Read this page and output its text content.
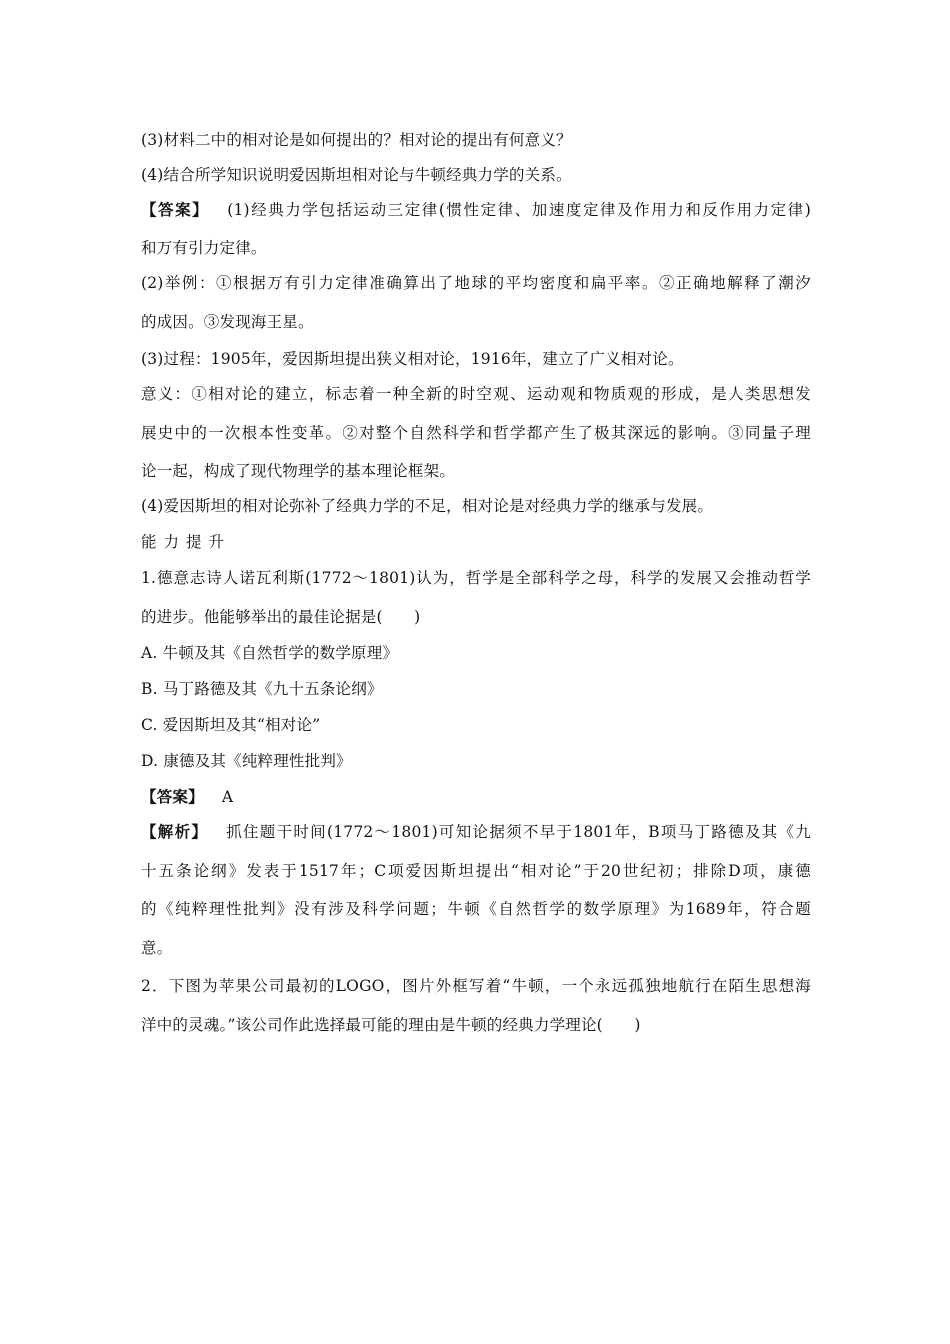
(3)材料二中的相对论是如何提出的？相对论的提出有何意义？
(4)结合所学知识说明爱因斯坦相对论与牛顿经典力学的关系。
【答案】 (1)经典力学包括运动三定律(惯性定律、加速度定律及作用力和反作用力定律)
和万有引力定律。
(2)举例：①根据万有引力定律准确算出了地球的平均密度和扁平率。②正确地解释了潮汐
的成因。③发现海王星。
(3)过程：1905年，爱因斯坦提出狭义相对论，1916年，建立了广义相对论。
意义：①相对论的建立，标志着一种全新的时空观、运动观和物质观的形成，是人类思想发
展史中的一次根本性变革。②对整个自然科学和哲学都产生了极其深远的影响。③同量子理
论一起，构成了现代物理学的基本理论框架。
(4)爱因斯坦的相对论弥补了经典力学的不足，相对论是对经典力学的继承与发展。
能力提升
1.德意志诗人诺瓦利斯(1772～1801)认为，哲学是全部科学之母，科学的发展又会推动哲学
的进步。他能够举出的最佳论据是(　　)
A. 牛顿及其《自然哲学的数学原理》
B. 马丁路德及其《九十五条论纲》
C. 爱因斯坦及其“相对论”
D. 康德及其《纯粹理性批判》
【答案】 A
【解析】 抓住题干时间(1772～1801)可知论据须不早于1801年，B项马丁路德及其《九
十五条论纲》发表于1517年；C项爱因斯坦提出“相对论”于20世纪初；排除D项，康德
的《纯粹理性批判》没有涉及科学问题；牛顿《自然哲学的数学原理》为1689年，符合题
意。
2．下图为苹果公司最初的LOGO，图片外框写着“牛顿，一个永远孤独地航行在陌生思想海
洋中的灵魂。”该公司作此选择最可能的理由是牛顿的经典力学理论(　　)
